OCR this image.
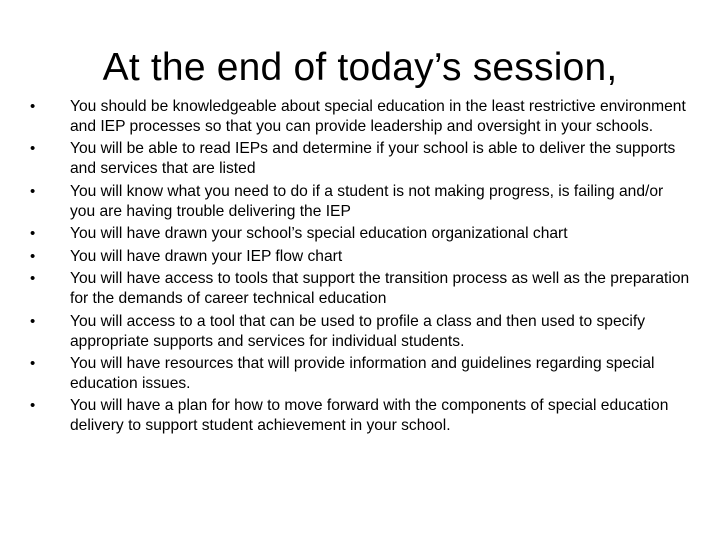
At the end of today’s session,
•	You should be knowledgeable about special education in the least restrictive environment and IEP processes so that you can provide leadership and oversight in your schools.
•	You will be able to read IEPs and determine if your school is able to deliver the supports and services that are listed
•	You will know what you need to do if a student is not making progress, is failing and/or you are having trouble delivering the IEP
•	You will have drawn your school’s special education organizational chart
•	You will have drawn your IEP flow chart
•	You will have access to tools that support the transition process as well as the preparation for the demands of career technical education
•	You will access to a tool that can be used to profile a class and then used to specify appropriate supports and services for individual students.
•	You will have resources that will provide information and guidelines regarding special education issues.
•	You will have a plan for how to move forward with the components of special education delivery to support student achievement in your school.
